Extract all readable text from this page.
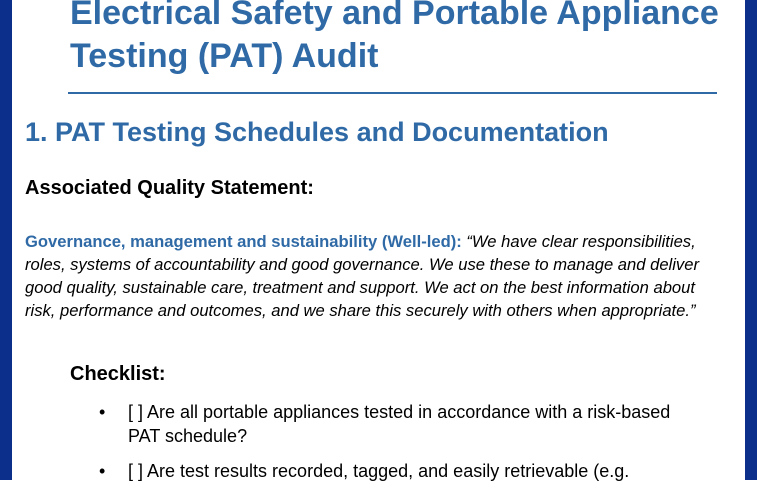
Electrical Safety and Portable Appliance Testing (PAT) Audit
1. PAT Testing Schedules and Documentation
Associated Quality Statement:

Governance, management and sustainability (Well-led): “We have clear responsibilities, roles, systems of accountability and good governance. We use these to manage and deliver good quality, sustainable care, treatment and support. We act on the best information about risk, performance and outcomes, and we share this securely with others when appropriate.”

Checklist:
• [ ] Are all portable appliances tested in accordance with a risk-based PAT schedule?
• [ ] Are test results recorded, tagged, and easily retrievable (e.g.
